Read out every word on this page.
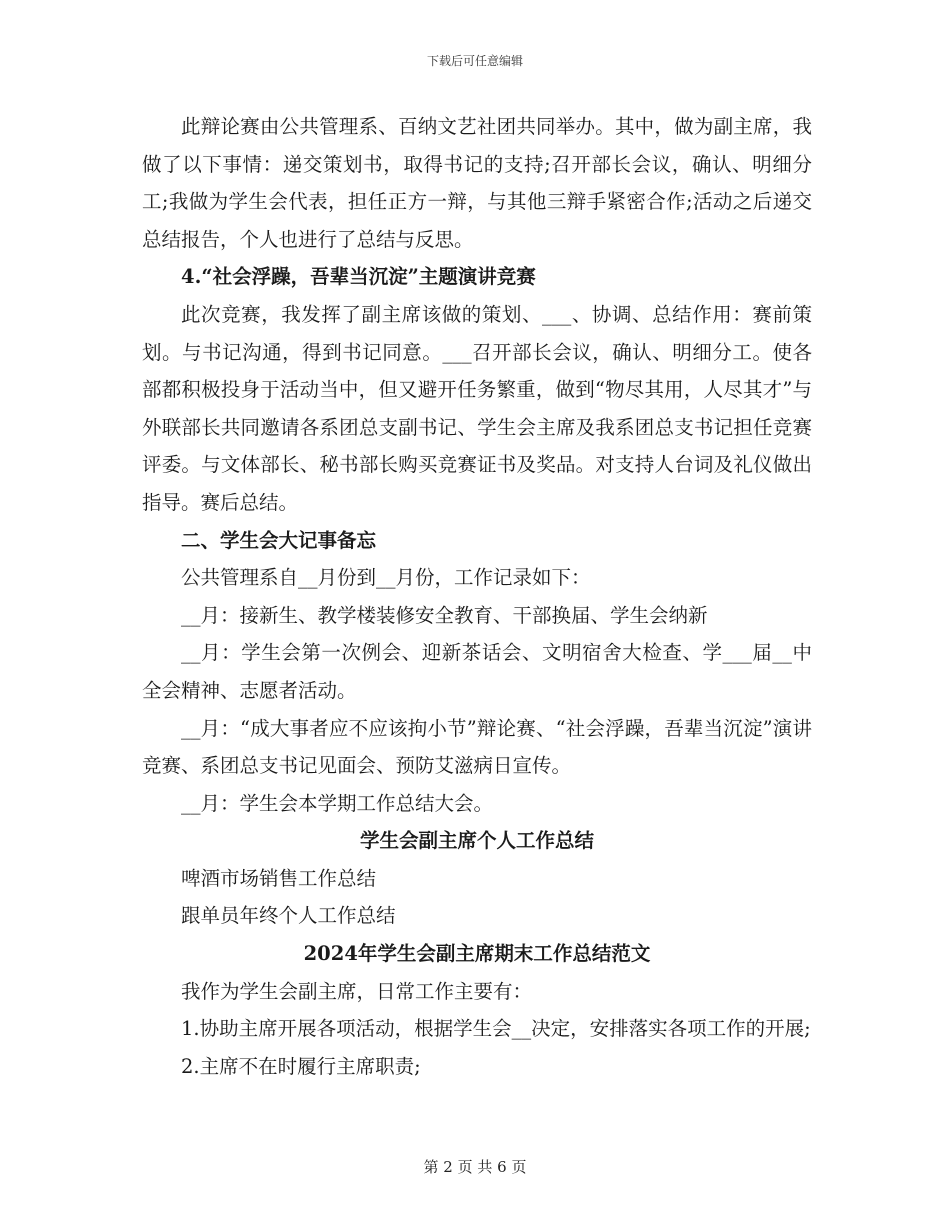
下载后可任意编辑

此辩论赛由公共管理系、百纳文艺社团共同举办。其中，做为副主席，我做了以下事情：递交策划书，取得书记的支持;召开部长会议，确认、明细分工;我做为学生会代表，担任正方一辩，与其他三辩手紧密合作;活动之后递交总结报告，个人也进行了总结与反思。

4.“社会浮躁，吾辈当沉淀”主题演讲竞赛

此次竞赛，我发挥了副主席该做的策划、___、协调、总结作用：赛前策划。与书记沟通，得到书记同意。___召开部长会议，确认、明细分工。使各部都积极投身于活动当中，但又避开任务繁重，做到“物尽其用，人尽其才”与外联部长共同邀请各系团总支副书记、学生会主席及我系团总支书记担任竞赛评委。与文体部长、秘书部长购买竞赛证书及奖品。对支持人台词及礼仪做出指导。赛后总结。

二、学生会大记事备忘

公共管理系自__月份到__月份，工作记录如下：

__月：接新生、教学楼装修安全教育、干部换届、学生会纳新

__月：学生会第一次例会、迎新茶话会、文明宿舍大检查、学___届__中全会精神、志愿者活动。

__月：“成大事者应不应该拘小节”辩论赛、“社会浮躁，吾辈当沉淀”演讲竞赛、系团总支书记见面会、预防艾滋病日宣传。

__月：学生会本学期工作总结大会。

学生会副主席个人工作总结

啤酒市场销售工作总结

跟单员年终个人工作总结

2024年学生会副主席期末工作总结范文

我作为学生会副主席，日常工作主要有：

1.协助主席开展各项活动，根据学生会__决定，安排落实各项工作的开展;

2.主席不在时履行主席职责;

第 2 页 共 6 页
